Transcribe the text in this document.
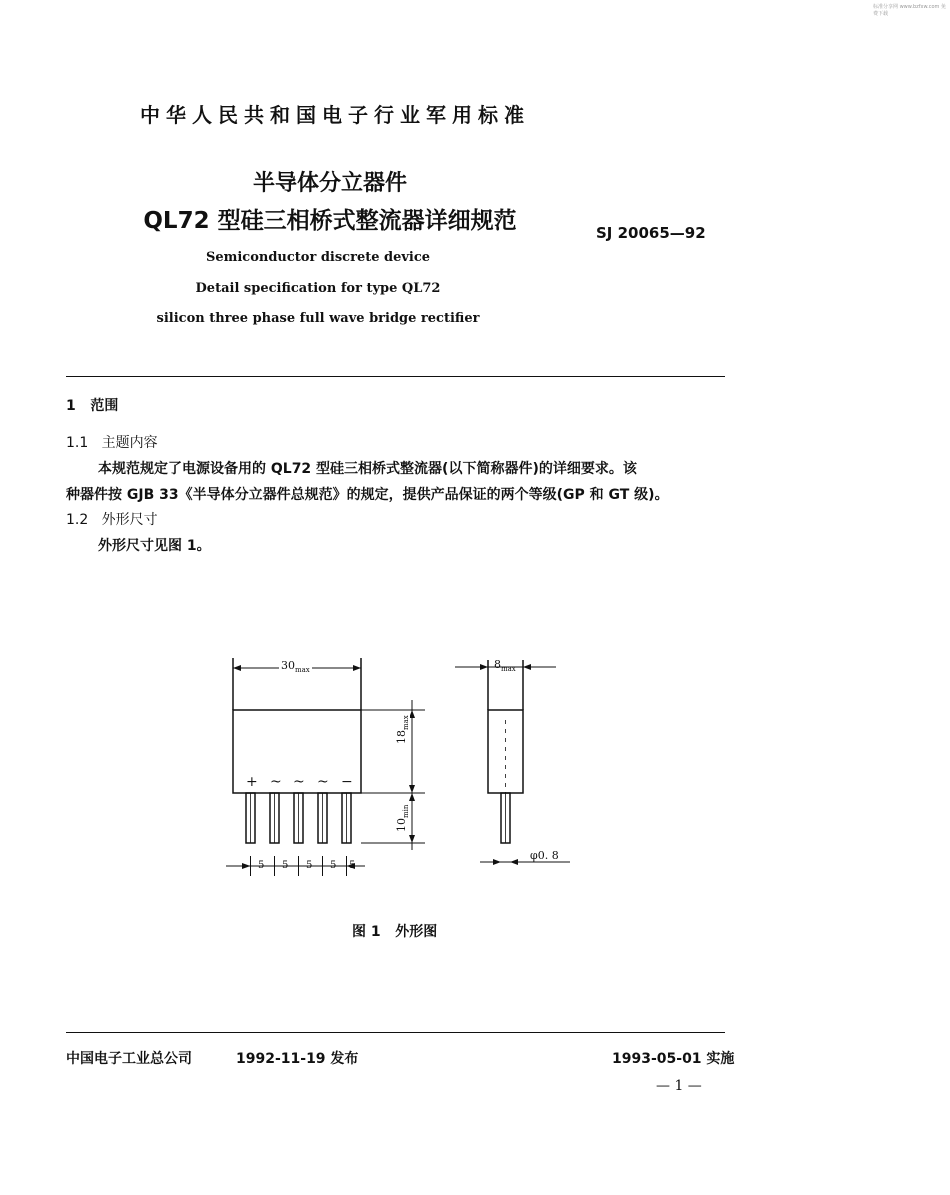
标准分享网 www.bzfxw.com 免费下载
中华人民共和国电子行业军用标准
半导体分立器件
QL72 型硅三相桥式整流器详细规范	SJ 20065—92
Semiconductor discrete device
Detail specification for type QL72
silicon three phase full wave bridge rectifier
1   范围
1.1   主题内容
本规范规定了电源设备用的 QL72 型硅三相桥式整流器(以下简称器件)的详细要求。该
种器件按 GJB 33《半导体分立器件总规范》的规定，提供产品保证的两个等级(GP 和 GT 级)。
1.2   外形尺寸
外形尺寸见图 1。
$30_{max}$	$8_{max}$
$18_{max}$
$10_{min}$
+ ~ ~ ~ −
5 5 5 5 5
φ0. 8
图 1   外形图
中国电子工业总公司	1992-11-19 发布	1993-05-01 实施
— 1 —
